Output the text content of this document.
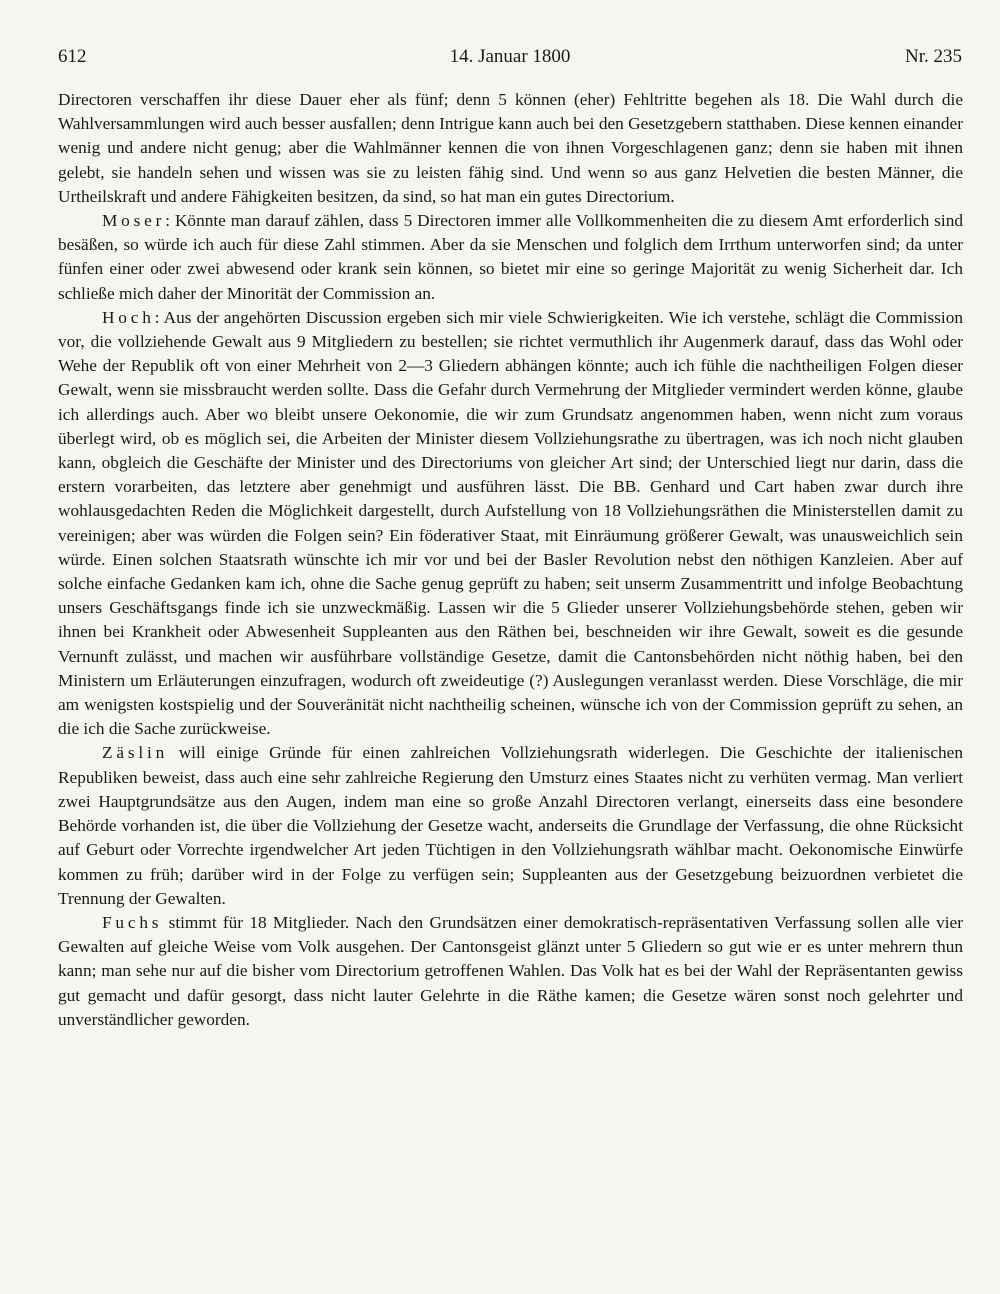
612	14. Januar 1800	Nr. 235

Directoren verschaffen ihr diese Dauer eher als fünf; denn 5 können (eher) Fehltritte begehen als 18. Die Wahl durch die Wahlversammlungen wird auch besser ausfallen; denn Intrigue kann auch bei den Gesetzgebern statthaben. Diese kennen einander wenig und andere nicht genug; aber die Wahlmänner kennen die von ihnen Vorgeschlagenen ganz; denn sie haben mit ihnen gelebt, sie handeln sehen und wissen was sie zu leisten fähig sind. Und wenn so aus ganz Helvetien die besten Männer, die Urtheilskraft und andere Fähigkeiten besitzen, da sind, so hat man ein gutes Directorium.

Moser: Könnte man darauf zählen, dass 5 Directoren immer alle Vollkommenheiten die zu diesem Amt erforderlich sind besäßen, so würde ich auch für diese Zahl stimmen. Aber da sie Menschen und folglich dem Irrthum unterworfen sind; da unter fünfen einer oder zwei abwesend oder krank sein können, so bietet mir eine so geringe Majorität zu wenig Sicherheit dar. Ich schließe mich daher der Minorität der Commission an.

Hoch: Aus der angehörten Discussion ergeben sich mir viele Schwierigkeiten. Wie ich verstehe, schlägt die Commission vor, die vollziehende Gewalt aus 9 Mitgliedern zu bestellen; sie richtet vermuthlich ihr Augenmerk darauf, dass das Wohl oder Wehe der Republik oft von einer Mehrheit von 2—3 Gliedern abhängen könnte; auch ich fühle die nachtheiligen Folgen dieser Gewalt, wenn sie missbraucht werden sollte. Dass die Gefahr durch Vermehrung der Mitglieder vermindert werden könne, glaube ich allerdings auch. Aber wo bleibt unsere Oekonomie, die wir zum Grundsatz angenommen haben, wenn nicht zum voraus überlegt wird, ob es möglich sei, die Arbeiten der Minister diesem Vollziehungsrathe zu übertragen, was ich noch nicht glauben kann, obgleich die Geschäfte der Minister und des Directoriums von gleicher Art sind; der Unterschied liegt nur darin, dass die erstern vorarbeiten, das letztere aber genehmigt und ausführen lässt. Die BB. Genhard und Cart haben zwar durch ihre wohlausgedachten Reden die Möglichkeit dargestellt, durch Aufstellung von 18 Vollziehungsräthen die Ministerstellen damit zu vereinigen; aber was würden die Folgen sein? Ein föderativer Staat, mit Einräumung größerer Gewalt, was unausweichlich sein würde. Einen solchen Staatsrath wünschte ich mir vor und bei der Basler Revolution nebst den nöthigen Kanzleien. Aber auf solche einfache Gedanken kam ich, ohne die Sache genug geprüft zu haben; seit unserm Zusammentritt und infolge Beobachtung unsers Geschäftsgangs finde ich sie unzweckmäßig. Lassen wir die 5 Glieder unserer Vollziehungsbehörde stehen, geben wir ihnen bei Krankheit oder Abwesenheit Suppleanten aus den Räthen bei, beschneiden wir ihre Gewalt, soweit es die gesunde Vernunft zulässt, und machen wir ausführbare vollständige Gesetze, damit die Cantonsbehörden nicht nöthig haben, bei den Ministern um Erläuterungen einzufragen, wodurch oft zweideutige (?) Auslegungen veranlasst werden. Diese Vorschläge, die mir am wenigsten kostspielig und der Souveränität nicht nachtheilig scheinen, wünsche ich von der Commission geprüft zu sehen, an die ich die Sache zurückweise.

Zäslin will einige Gründe für einen zahlreichen Vollziehungsrath widerlegen. Die Geschichte der italienischen Republiken beweist, dass auch eine sehr zahlreiche Regierung den Umsturz eines Staates nicht zu verhüten vermag. Man verliert zwei Hauptgrundsätze aus den Augen, indem man eine so große Anzahl Directoren verlangt, einerseits dass eine besondere Behörde vorhanden ist, die über die Vollziehung der Gesetze wacht, anderseits die Grundlage der Verfassung, die ohne Rücksicht auf Geburt oder Vorrechte irgendwelcher Art jeden Tüchtigen in den Vollziehungsrath wählbar macht. Oekonomische Einwürfe kommen zu früh; darüber wird in der Folge zu verfügen sein; Suppleanten aus der Gesetzgebung beizuordnen verbietet die Trennung der Gewalten.

Fuchs stimmt für 18 Mitglieder. Nach den Grundsätzen einer demokratisch-repräsentativen Verfassung sollen alle vier Gewalten auf gleiche Weise vom Volk ausgehen. Der Cantonsgeist glänzt unter 5 Gliedern so gut wie er es unter mehrern thun kann; man sehe nur auf die bisher vom Directorium getroffenen Wahlen. Das Volk hat es bei der Wahl der Repräsentanten gewiss gut gemacht und dafür gesorgt, dass nicht lauter Gelehrte in die Räthe kamen; die Gesetze wären sonst noch gelehrter und unverständlicher geworden.
